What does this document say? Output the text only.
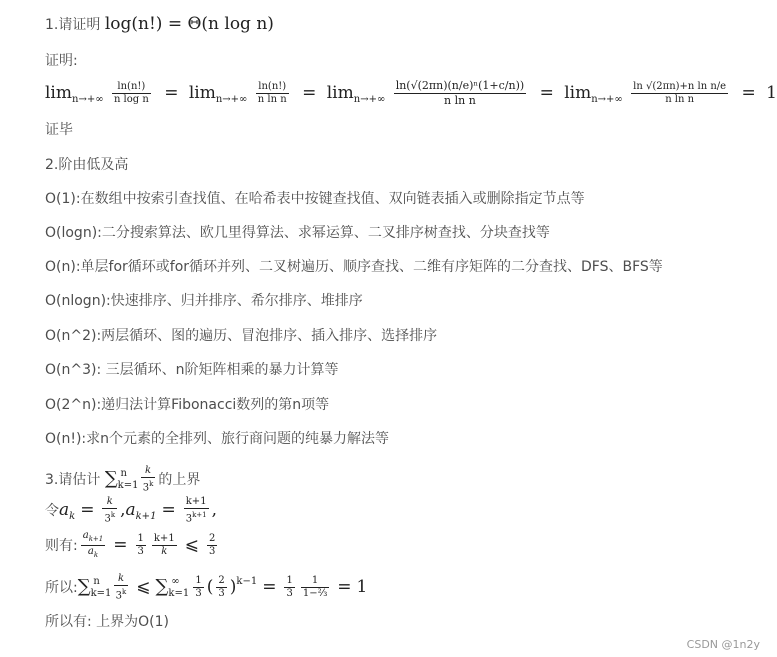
1.请证明 log(n!) = Θ(n log n)
证明:
$\lim_{n\to+\infty} \frac{\ln(n!)}{\text{n log n}} = \lim_{n\to+\infty} \frac{\ln(n!)}{\text{n ln n}} = \lim_{n\to+\infty} \frac{\text{ln(√(2πn)(n/e)ⁿ(1+c/n))}}{\text{n ln n}} = \lim_{n\to+\infty} \frac{\text{ln √(2πn)+n ln n/e}}{\text{n ln n}} = 1$
证毕
2.阶由低及高
O(1):在数组中按索引查找值、在哈希表中按键查找值、双向链表插入或删除指定节点等
O(logn):二分搜索算法、欧几里得算法、求幂运算、二叉排序树查找、分块查找等
O(n):单层for循环或for循环并列、二叉树遍历、顺序查找、二维有序矩阵的二分查找、DFS、BFS等
O(nlogn):快速排序、归并排序、希尔排序、堆排序
O(n^2):两层循环、图的遍历、冒泡排序、插入排序、选择排序
O(n^3): 三层循环、n阶矩阵相乘的暴力计算等
O(2^n):递归法计算Fibonacci数列的第n项等
O(n!):求n个元素的全排列、旅行商问题的纯暴力解法等
3.请估计 $\sum_{k=1}^n \frac{k}{3^k}$ 的上界
令$a_k = \frac{k}{3^k} ,a_{k+1} = \frac{k+1}{3^{k+1}}$ ,
则有: $\frac{a_{k+1}}{a_k} = \frac{1}{3} \frac{k+1}{k}$ ⩽ $\frac{2}{3}$
所以$:\sum_{k=1}^n \frac{k}{3^k}$ ⩽ $\sum_{k=1}^\infty \frac{1}{3}$ ( $\frac{2}{3} )^{k-1} = \frac{1}{3} \frac{1}{\text{1−⅔}} = 1$
所以有: 上界为O(1)
CSDN @1n2y
